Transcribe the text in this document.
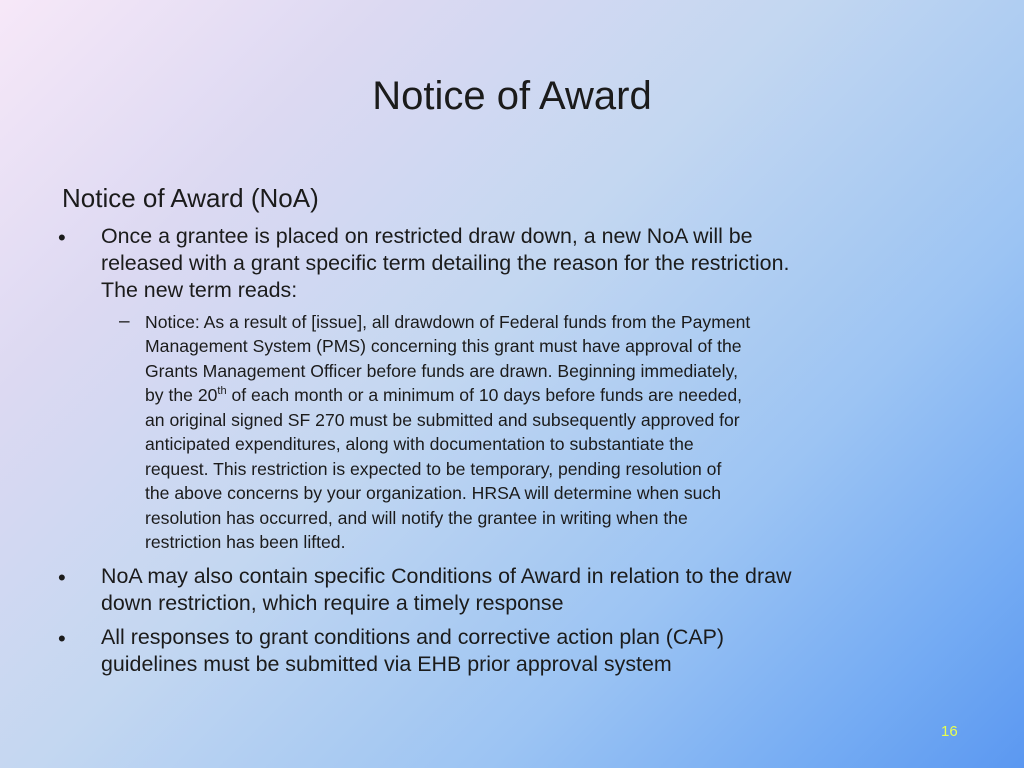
Notice of Award
Notice of Award (NoA)
• Once a grantee is placed on restricted draw down, a new NoA will be
released with a grant specific term detailing the reason for the restriction.
The new term reads:
– Notice: As a result of [issue], all drawdown of Federal funds from the Payment
Management System (PMS) concerning this grant must have approval of the
Grants Management Officer before funds are drawn. Beginning immediately,
by the 20th of each month or a minimum of 10 days before funds are needed,
an original signed SF 270 must be submitted and subsequently approved for
anticipated expenditures, along with documentation to substantiate the
request. This restriction is expected to be temporary, pending resolution of
the above concerns by your organization. HRSA will determine when such
resolution has occurred, and will notify the grantee in writing when the
restriction has been lifted.
• NoA may also contain specific Conditions of Award in relation to the draw
down restriction, which require a timely response
• All responses to grant conditions and corrective action plan (CAP)
guidelines must be submitted via EHB prior approval system
16
